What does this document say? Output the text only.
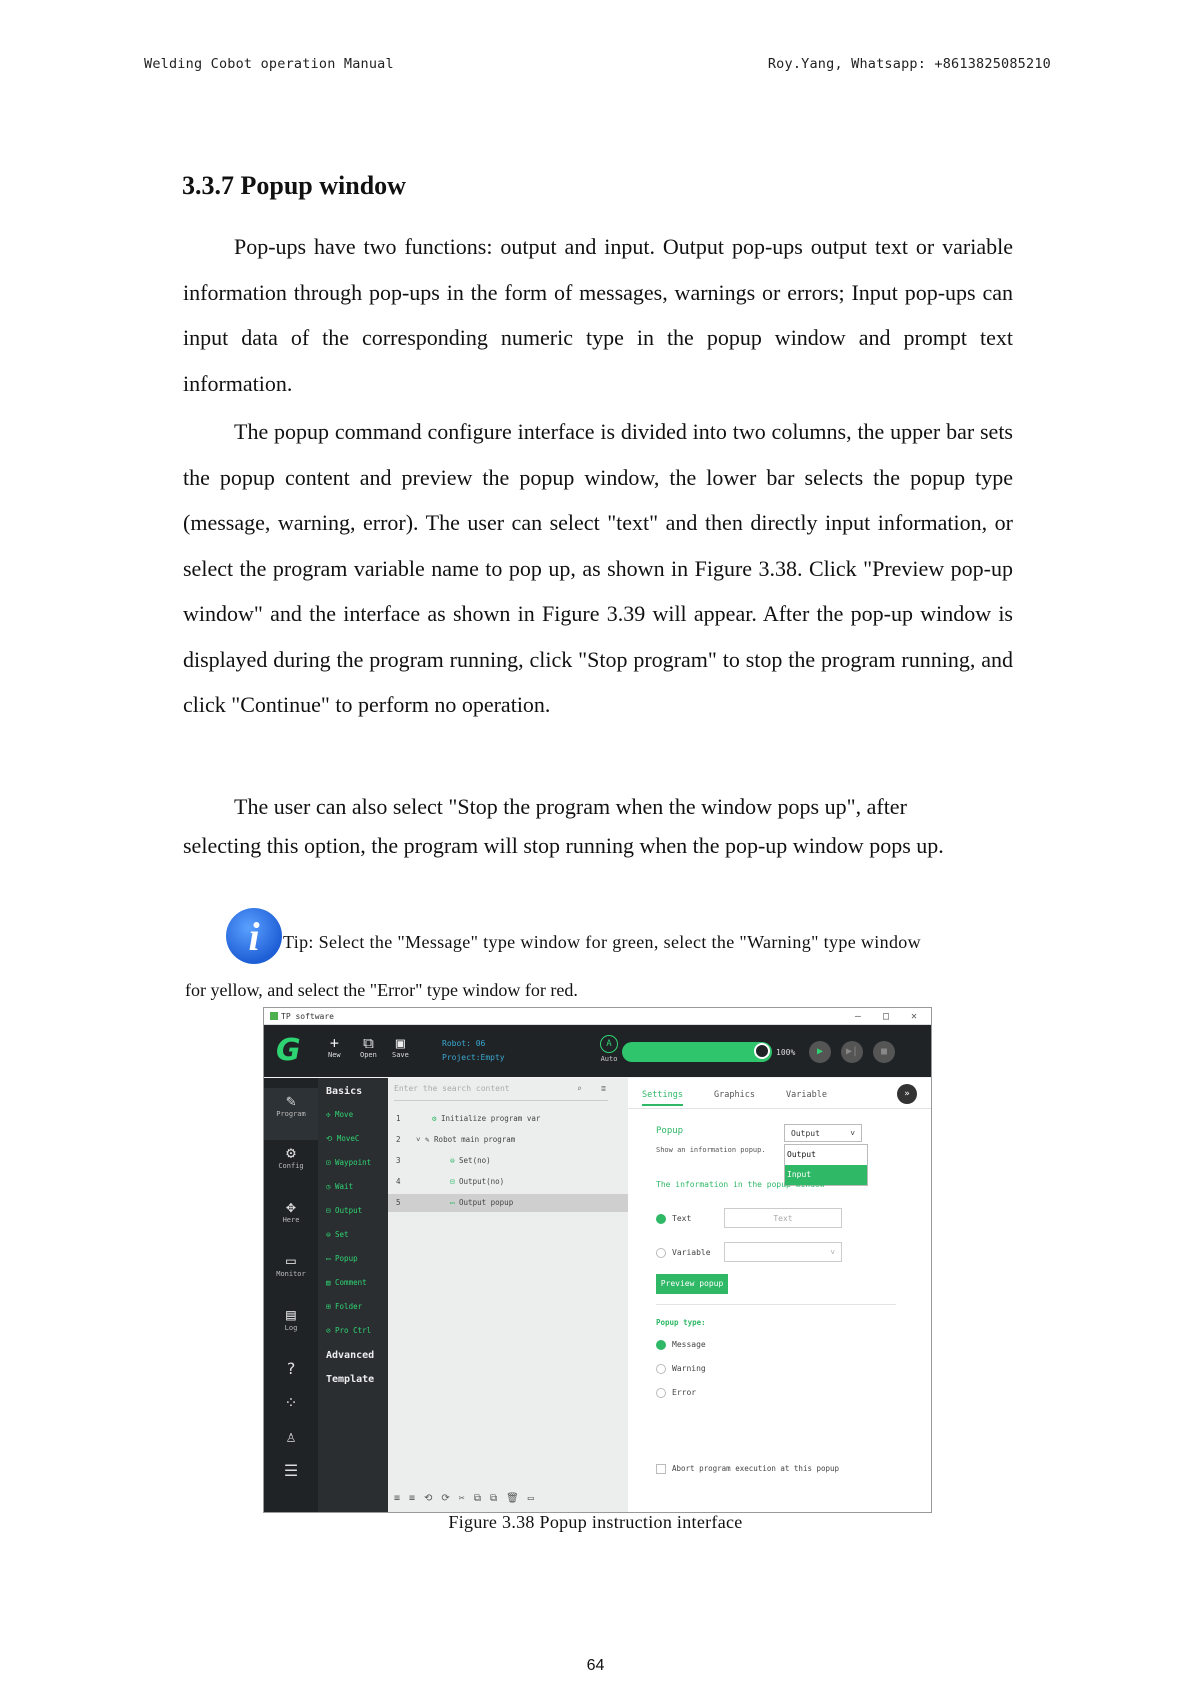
Welding Cobot operation Manual	Roy.Yang, Whatsapp: +8613825085210
3.3.7 Popup window

Pop-ups have two functions: output and input. Output pop-ups output text or variable information through pop-ups in the form of messages, warnings or errors; Input pop-ups can input data of the corresponding numeric type in the popup window and prompt text information.

The popup command configure interface is divided into two columns, the upper bar sets the popup content and preview the popup window, the lower bar selects the popup type (message, warning, error). The user can select "text" and then directly input information, or select the program variable name to pop up, as shown in Figure 3.38. Click "Preview pop-up window" and the interface as shown in Figure 3.39 will appear. After the pop-up window is displayed during the program running, click "Stop program" to stop the program running, and click "Continue" to perform no operation.

The user can also select "Stop the program when the window pops up", after selecting this option, the program will stop running when the pop-up window pops up.

i	Tip: Select the "Message" type window for green, select the "Warning" type window
for yellow, and select the "Error" type window for red.
TP software	– □ ✕
G	+
New
⧉
Open
▣
Save
Robot: 06
Project:Empty
A
Auto
100%	▶	▶|	■
✎
Program
⚙
Config
✥
Here
▭
Monitor
▤
Log
?
⁘
♙
☰
Basics
✣ Move
⟲ MoveC
⊡ Waypoint
◷ Wait
⊟ Output
⊜ Set
▭ Popup
▤ Comment
⊞ Folder
⊘ Pro Ctrl
Advanced
Template
Enter the search content	⌕ ≣
1	⚙ Initialize program var
2 ˅ ✎ Robot main program
3	⊜ Set(no)
4	⊟ Output(no)
5	▭ Output popup
≡≡⟲⟳✂⧉⧉🗑▭
Settings	Graphics	Variable	»
Popup
Show an information popup.
Output	˅
Output
Input
The information in the popup window
Text	Text
Variable	˅
Preview popup
Popup type:
Message
Warning
Error
Abort program execution at this popup
Figure 3.38 Popup instruction interface
64
